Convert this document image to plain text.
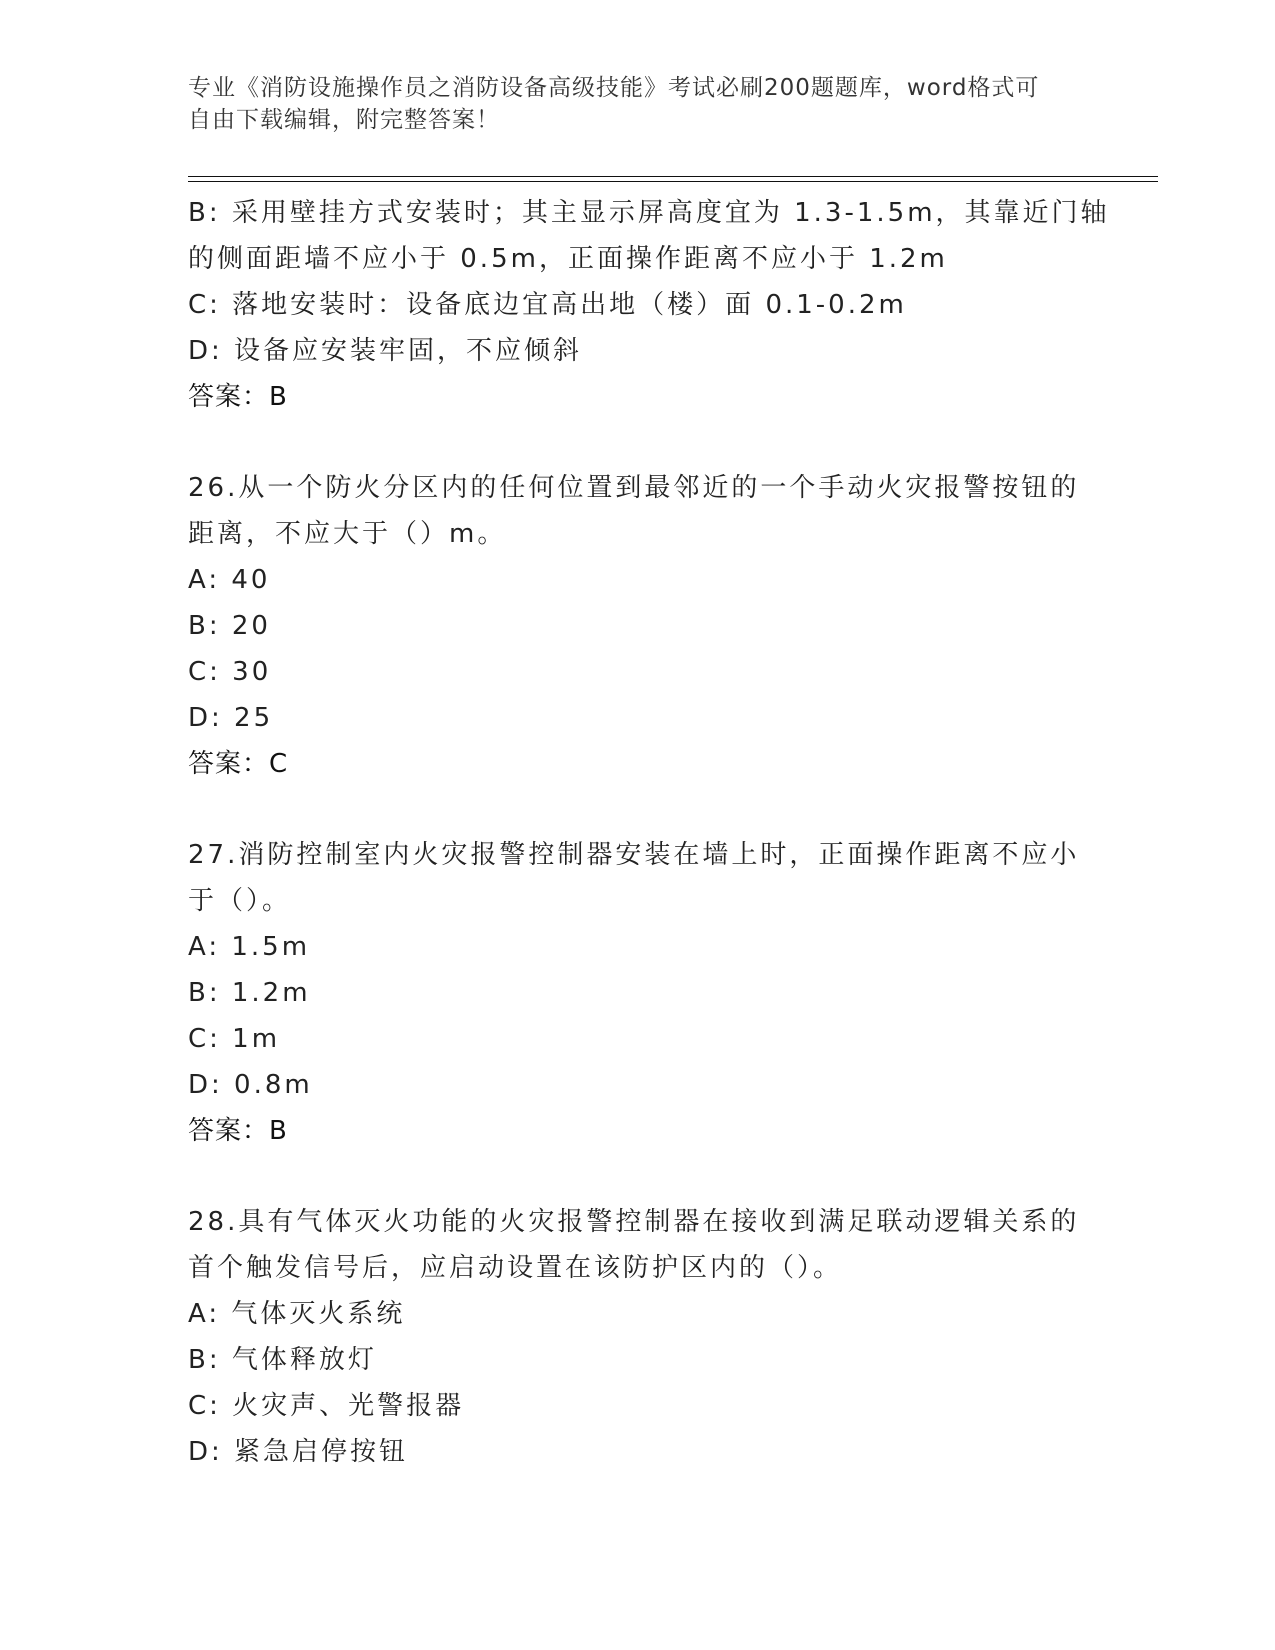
专业《消防设施操作员之消防设备高级技能》考试必刷200题题库，word格式可
自由下载编辑，附完整答案！
B: 采用壁挂方式安装时；其主显示屏高度宜为 1.3-1.5m，其靠近门轴
的侧面距墙不应小于 0.5m，正面操作距离不应小于 1.2m
C: 落地安装时：设备底边宜高出地（楼）面 0.1-0.2m
D: 设备应安装牢固，不应倾斜
答案：B
26.从一个防火分区内的任何位置到最邻近的一个手动火灾报警按钮的
距离，不应大于（）m。
A: 40
B: 20
C: 30
D: 25
答案：C
27.消防控制室内火灾报警控制器安装在墙上时，正面操作距离不应小
于（）。
A: 1.5m
B: 1.2m
C: 1m
D: 0.8m
答案：B
28.具有气体灭火功能的火灾报警控制器在接收到满足联动逻辑关系的
首个触发信号后，应启动设置在该防护区内的（）。
A: 气体灭火系统
B: 气体释放灯
C: 火灾声、光警报器
D: 紧急启停按钮
